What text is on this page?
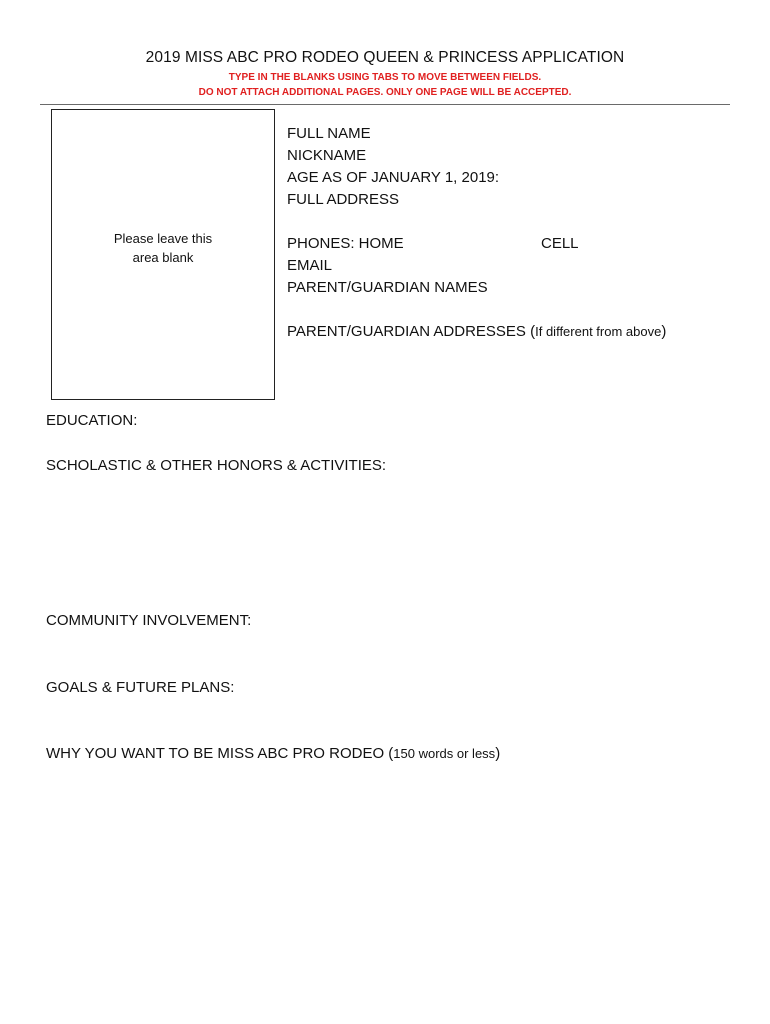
2019 MISS ABC PRO RODEO QUEEN & PRINCESS APPLICATION
TYPE IN THE BLANKS USING TABS TO MOVE BETWEEN FIELDS.
DO NOT ATTACH ADDITIONAL PAGES. ONLY ONE PAGE WILL BE ACCEPTED.
Please leave this
area blank
FULL NAME
NICKNAME
AGE AS OF JANUARY 1, 2019:
FULL ADDRESS
PHONES: HOME	CELL
EMAIL
PARENT/GUARDIAN NAMES
PARENT/GUARDIAN ADDRESSES (If different from above)
EDUCATION:
SCHOLASTIC & OTHER HONORS & ACTIVITIES:
COMMUNITY INVOLVEMENT:
GOALS & FUTURE PLANS:
WHY YOU WANT TO BE MISS ABC PRO RODEO (150 words or less)
